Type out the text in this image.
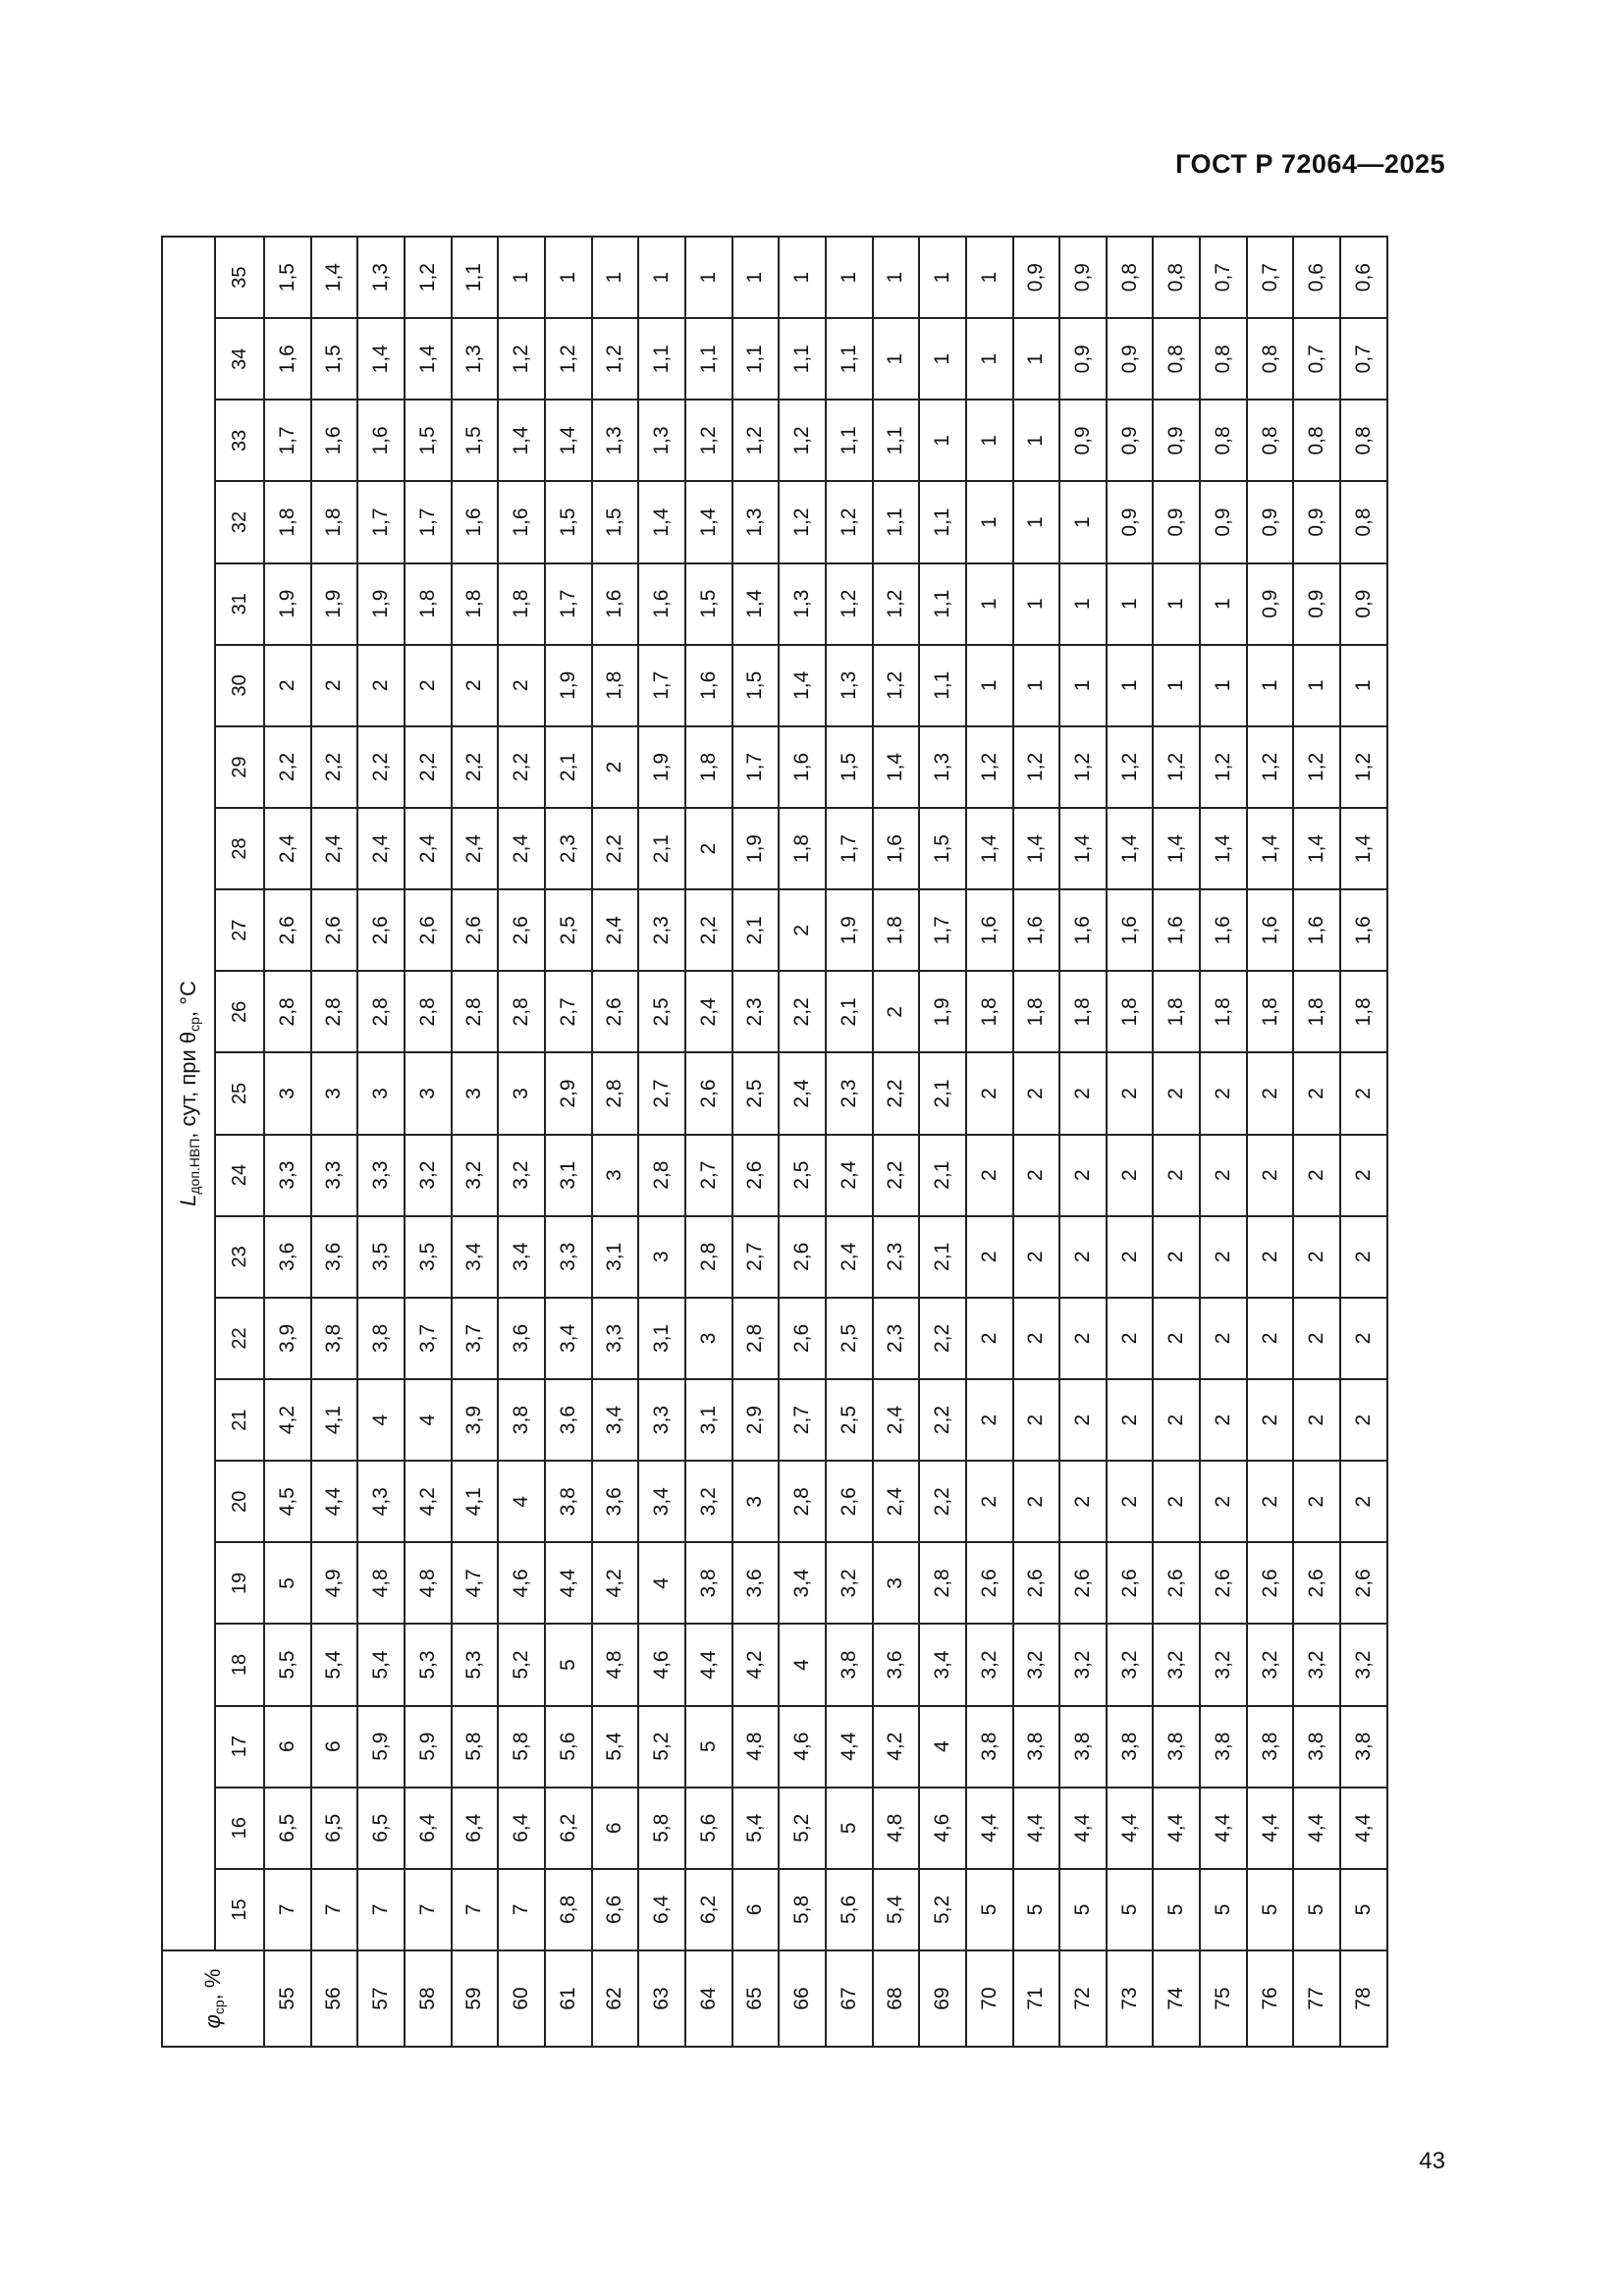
ГОСТ Р 72064—2025
$\varphi_{ср}$, %	$L_{доп.НВП}$, сут, при $\theta_{ср}$, °С																				
	15	16	17	18	19	20	21	22	23	24	25	26	27	28	29	30	31	32	33	34	35
55	7	6,5	6	5,5	5	4,5	4,2	3,9	3,6	3,3	3	2,8	2,6	2,4	2,2	2	1,9	1,8	1,7	1,6	1,5
56	7	6,5	6	5,4	4,9	4,4	4,1	3,8	3,6	3,3	3	2,8	2,6	2,4	2,2	2	1,9	1,8	1,6	1,5	1,4
57	7	6,5	5,9	5,4	4,8	4,3	4	3,8	3,5	3,3	3	2,8	2,6	2,4	2,2	2	1,9	1,7	1,6	1,4	1,3
58	7	6,4	5,9	5,3	4,8	4,2	4	3,7	3,5	3,2	3	2,8	2,6	2,4	2,2	2	1,8	1,7	1,5	1,4	1,2
59	7	6,4	5,8	5,3	4,7	4,1	3,9	3,7	3,4	3,2	3	2,8	2,6	2,4	2,2	2	1,8	1,6	1,5	1,3	1,1
60	7	6,4	5,8	5,2	4,6	4	3,8	3,6	3,4	3,2	3	2,8	2,6	2,4	2,2	2	1,8	1,6	1,4	1,2	1
61	6,8	6,2	5,6	5	4,4	3,8	3,6	3,4	3,3	3,1	2,9	2,7	2,5	2,3	2,1	1,9	1,7	1,5	1,4	1,2	1
62	6,6	6	5,4	4,8	4,2	3,6	3,4	3,3	3,1	3	2,8	2,6	2,4	2,2	2	1,8	1,6	1,5	1,3	1,2	1
63	6,4	5,8	5,2	4,6	4	3,4	3,3	3,1	3	2,8	2,7	2,5	2,3	2,1	1,9	1,7	1,6	1,4	1,3	1,1	1
64	6,2	5,6	5	4,4	3,8	3,2	3,1	3	2,8	2,7	2,6	2,4	2,2	2	1,8	1,6	1,5	1,4	1,2	1,1	1
65	6	5,4	4,8	4,2	3,6	3	2,9	2,8	2,7	2,6	2,5	2,3	2,1	1,9	1,7	1,5	1,4	1,3	1,2	1,1	1
66	5,8	5,2	4,6	4	3,4	2,8	2,7	2,6	2,6	2,5	2,4	2,2	2	1,8	1,6	1,4	1,3	1,2	1,2	1,1	1
67	5,6	5	4,4	3,8	3,2	2,6	2,5	2,5	2,4	2,4	2,3	2,1	1,9	1,7	1,5	1,3	1,2	1,2	1,1	1,1	1
68	5,4	4,8	4,2	3,6	3	2,4	2,4	2,3	2,3	2,2	2,2	2	1,8	1,6	1,4	1,2	1,2	1,1	1,1	1	1
69	5,2	4,6	4	3,4	2,8	2,2	2,2	2,2	2,1	2,1	2,1	1,9	1,7	1,5	1,3	1,1	1,1	1,1	1	1	1
70	5	4,4	3,8	3,2	2,6	2	2	2	2	2	2	1,8	1,6	1,4	1,2	1	1	1	1	1	1
71	5	4,4	3,8	3,2	2,6	2	2	2	2	2	2	1,8	1,6	1,4	1,2	1	1	1	1	1	0,9
72	5	4,4	3,8	3,2	2,6	2	2	2	2	2	2	1,8	1,6	1,4	1,2	1	1	1	0,9	0,9	0,9
73	5	4,4	3,8	3,2	2,6	2	2	2	2	2	2	1,8	1,6	1,4	1,2	1	1	0,9	0,9	0,9	0,8
74	5	4,4	3,8	3,2	2,6	2	2	2	2	2	2	1,8	1,6	1,4	1,2	1	1	0,9	0,9	0,8	0,8
75	5	4,4	3,8	3,2	2,6	2	2	2	2	2	2	1,8	1,6	1,4	1,2	1	1	0,9	0,8	0,8	0,7
76	5	4,4	3,8	3,2	2,6	2	2	2	2	2	2	1,8	1,6	1,4	1,2	1	0,9	0,9	0,8	0,8	0,7
77	5	4,4	3,8	3,2	2,6	2	2	2	2	2	2	1,8	1,6	1,4	1,2	1	0,9	0,9	0,8	0,7	0,6
78	5	4,4	3,8	3,2	2,6	2	2	2	2	2	2	1,8	1,6	1,4	1,2	1	0,9	0,8	0,8	0,7	0,6
43
